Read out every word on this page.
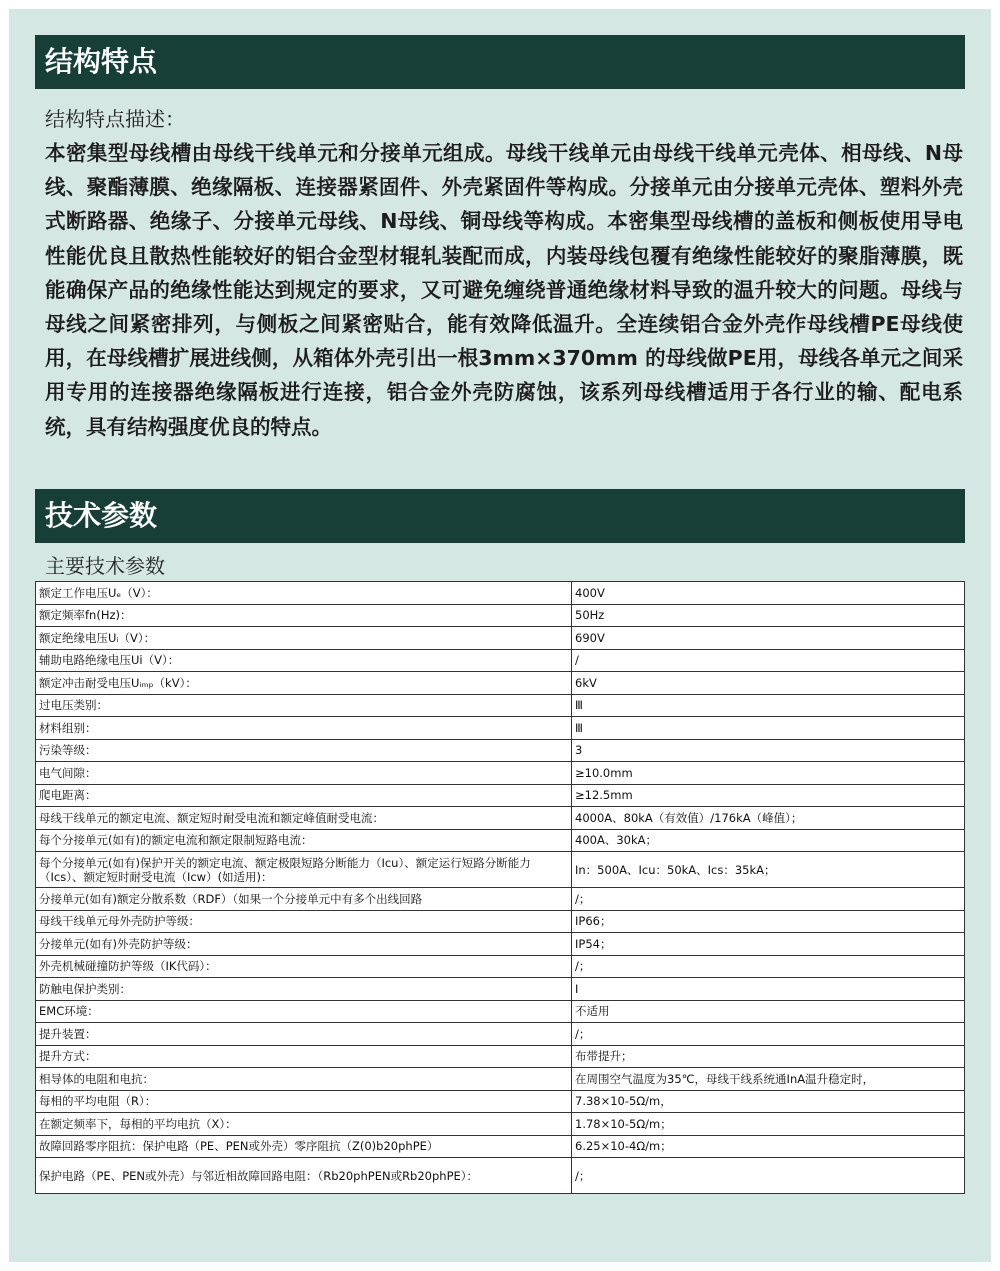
结构特点
结构特点描述：
本密集型母线槽由母线干线单元和分接单元组成。母线干线单元由母线干线单元壳体、相母线、N母线、聚酯薄膜、绝缘隔板、连接器紧固件、外壳紧固件等构成。分接单元由分接单元壳体、塑料外壳式断路器、绝缘子、分接单元母线、N母线、铜母线等构成。本密集型母线槽的盖板和侧板使用导电性能优良且散热性能较好的铝合金型材辊轧装配而成，内装母线包覆有绝缘性能较好的聚脂薄膜，既能确保产品的绝缘性能达到规定的要求，又可避免缠绕普通绝缘材料导致的温升较大的问题。母线与母线之间紧密排列，与侧板之间紧密贴合，能有效降低温升。全连续铝合金外壳作母线槽PE母线使用，在母线槽扩展进线侧，从箱体外壳引出一根3mm×370mm 的母线做PE用，母线各单元之间采用专用的连接器绝缘隔板进行连接，铝合金外壳防腐蚀，该系列母线槽适用于各行业的输、配电系统，具有结构强度优良的特点。
技术参数
主要技术参数
额定工作电压Uₑ（V）：	400V
额定频率fn(Hz)：	50Hz
额定绝缘电压Uᵢ（V）：	690V
辅助电路绝缘电压Ui（V）：	/
额定冲击耐受电压Uᵢₘₚ（kV）：	6kV
过电压类别：	Ⅲ
材料组别：	Ⅲ
污染等级：	3
电气间隙：	≥10.0mm
爬电距离：	≥12.5mm
母线干线单元的额定电流、额定短时耐受电流和额定峰值耐受电流：	4000A、80kA（有效值）/176kA（峰值）；
每个分接单元(如有)的额定电流和额定限制短路电流：	400A、30kA；
每个分接单元(如有)保护开关的额定电流、额定极限短路分断能力（Icu）、额定运行短路分断能力（Ics）、额定短时耐受电流（Icw）(如适用)：	In：500A、Icu：50kA、Ics：35kA；
分接单元(如有)额定分散系数（RDF）（如果一个分接单元中有多个出线回路	/；
母线干线单元母外壳防护等级：	IP66；
分接单元(如有)外壳防护等级：	IP54；
外壳机械碰撞防护等级（IK代码）：	/；
防触电保护类别：	Ⅰ
EMC环境：	不适用
提升装置：	/；
提升方式：	布带提升；
相导体的电阻和电抗：	在周围空气温度为35℃，母线干线系统通InA温升稳定时，
每相的平均电阻（R）：	7.38×10-5Ω/m，
在额定频率下，每相的平均电抗（X）：	1.78×10-5Ω/m；
故障回路零序阻抗：保护电路（PE、PEN或外壳）零序阻抗（Z(0)b20phPE）	6.25×10-4Ω/m；
保护电路（PE、PEN或外壳）与邻近相故障回路电阻：（Rb20phPEN或Rb20phPE）：	/；
